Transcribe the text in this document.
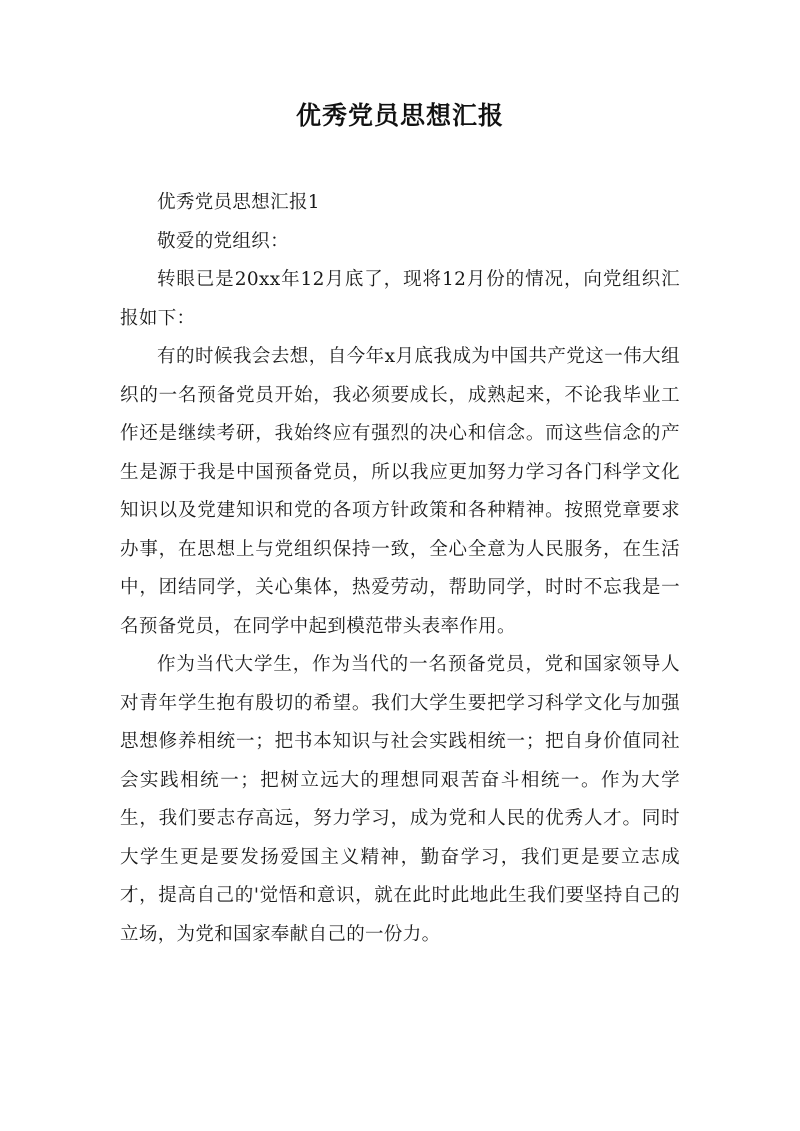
优秀党员思想汇报

优秀党员思想汇报1

敬爱的党组织：

转眼已是20xx年12月底了，现将12月份的情况，向党组织汇报如下：

有的时候我会去想，自今年x月底我成为中国共产党这一伟大组织的一名预备党员开始，我必须要成长，成熟起来，不论我毕业工作还是继续考研，我始终应有强烈的决心和信念。而这些信念的产生是源于我是中国预备党员，所以我应更加努力学习各门科学文化知识以及党建知识和党的各项方针政策和各种精神。按照党章要求办事，在思想上与党组织保持一致，全心全意为人民服务，在生活中，团结同学，关心集体，热爱劳动，帮助同学，时时不忘我是一名预备党员，在同学中起到模范带头表率作用。

作为当代大学生，作为当代的一名预备党员，党和国家领导人对青年学生抱有殷切的希望。我们大学生要把学习科学文化与加强思想修养相统一；把书本知识与社会实践相统一；把自身价值同社会实践相统一；把树立远大的理想同艰苦奋斗相统一。作为大学生，我们要志存高远，努力学习，成为党和人民的优秀人才。同时大学生更是要发扬爱国主义精神，勤奋学习，我们更是要立志成才，提高自己的'觉悟和意识，就在此时此地此生我们要坚持自己的立场，为党和国家奉献自己的一份力。
